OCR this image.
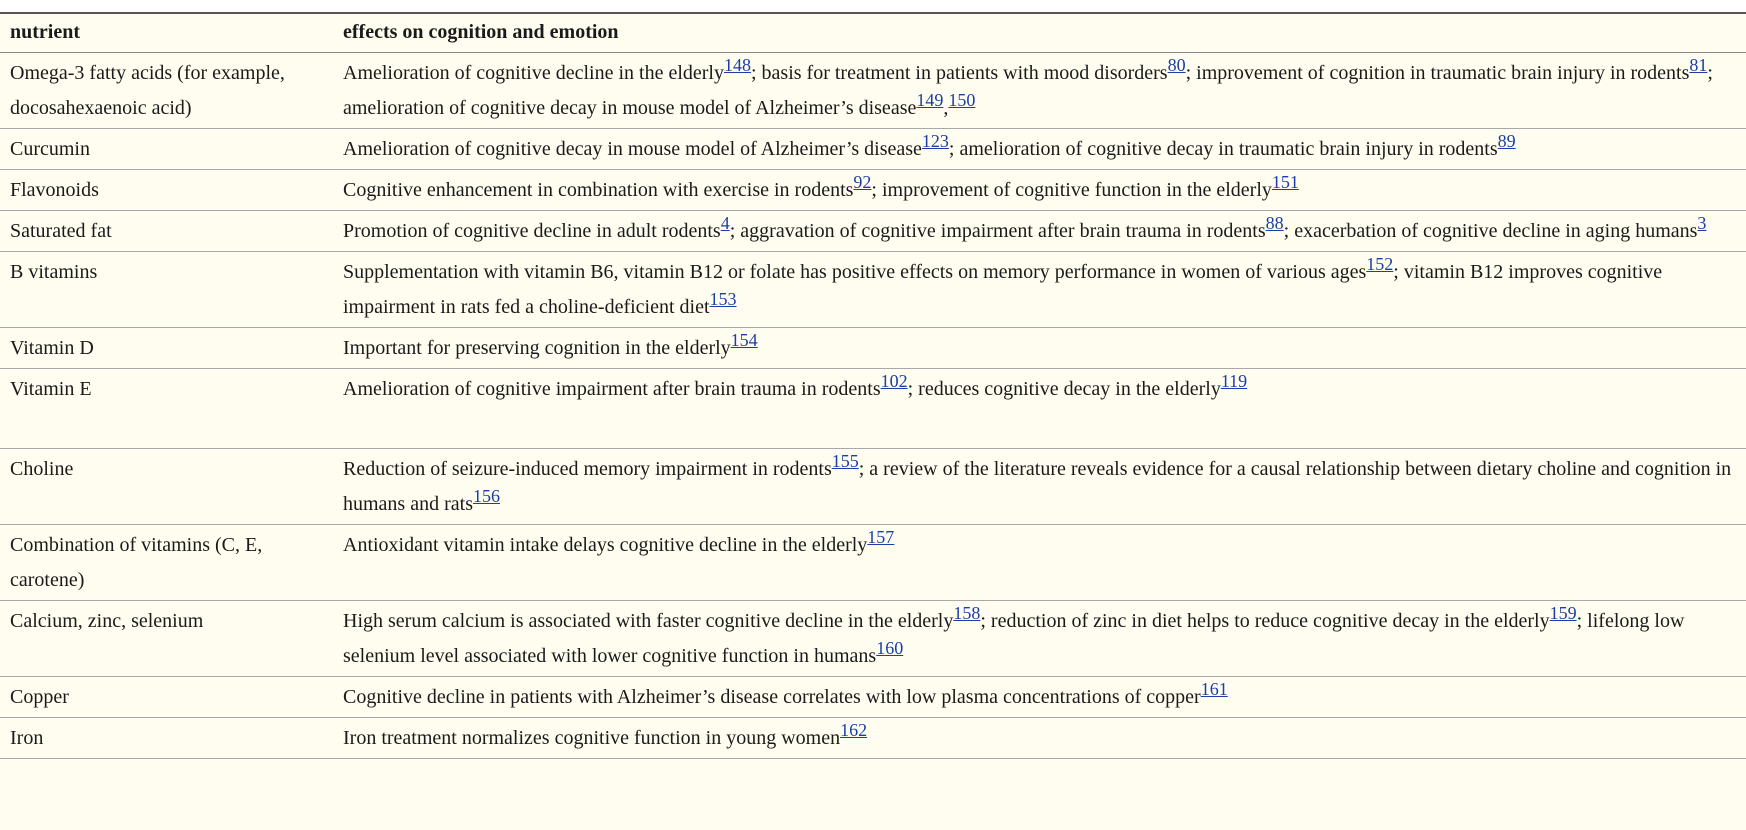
nutrient	effects on cognition and emotion
Omega-3 fatty acids (for example, docosahexaenoic acid)	Amelioration of cognitive decline in the elderly148; basis for treatment in patients with mood disorders80; improvement of cognition in traumatic brain injury in rodents81; amelioration of cognitive decay in mouse model of Alzheimer’s disease149,150
Curcumin	Amelioration of cognitive decay in mouse model of Alzheimer’s disease123; amelioration of cognitive decay in traumatic brain injury in rodents89
Flavonoids	Cognitive enhancement in combination with exercise in rodents92; improvement of cognitive function in the elderly151
Saturated fat	Promotion of cognitive decline in adult rodents4; aggravation of cognitive impairment after brain trauma in rodents88; exacerbation of cognitive decline in aging humans3
B vitamins	Supplementation with vitamin B6, vitamin B12 or folate has positive effects on memory performance in women of various ages152; vitamin B12 improves cognitive impairment in rats fed a choline-deficient diet153
Vitamin D	Important for preserving cognition in the elderly154
Vitamin E	Amelioration of cognitive impairment after brain trauma in rodents102; reduces cognitive decay in the elderly119
Choline	Reduction of seizure-induced memory impairment in rodents155; a review of the literature reveals evidence for a causal relationship between dietary choline and cognition in humans and rats156
Combination of vitamins (C, E, carotene)	Antioxidant vitamin intake delays cognitive decline in the elderly157
Calcium, zinc, selenium	High serum calcium is associated with faster cognitive decline in the elderly158; reduction of zinc in diet helps to reduce cognitive decay in the elderly159; lifelong low selenium level associated with lower cognitive function in humans160
Copper	Cognitive decline in patients with Alzheimer’s disease correlates with low plasma concentrations of copper161
Iron	Iron treatment normalizes cognitive function in young women162
